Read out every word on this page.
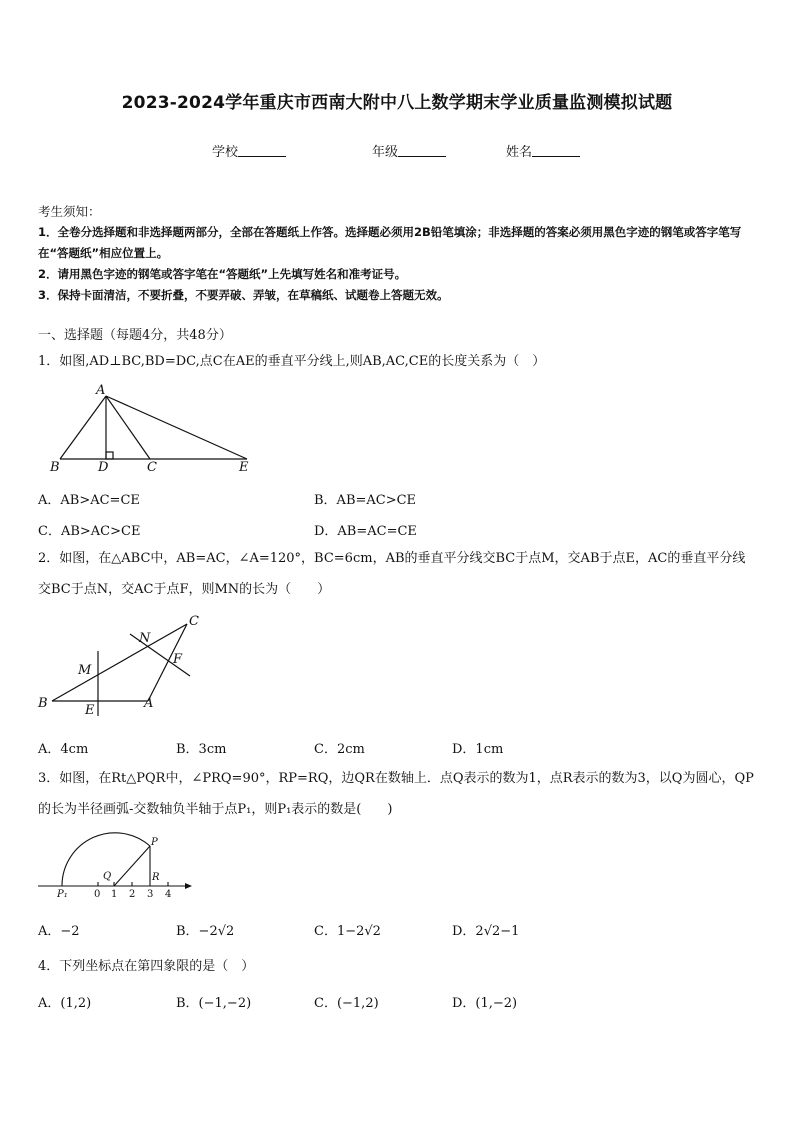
2023-2024学年重庆市西南大附中八上数学期末学业质量监测模拟试题
学校	年级	姓名
考生须知：
1．全卷分选择题和非选择题两部分，全部在答题纸上作答。选择题必须用2B铅笔填涂；非选择题的答案必须用黑色字迹的钢笔或答字笔写在“答题纸”相应位置上。
2．请用黑色字迹的钢笔或答字笔在“答题纸”上先填写姓名和准考证号。
3．保持卡面清洁，不要折叠，不要弄破、弄皱，在草稿纸、试题卷上答题无效。
一、选择题（每题4分，共48分）
1．如图,AD⊥BC,BD=DC,点C在AE的垂直平分线上,则AB,AC,CE的长度关系为（　）
A
B	D	C	E
A．AB>AC=CE	B．AB=AC>CE
C．AB>AC>CE	D．AB=AC=CE
2．如图，在△ABC中，AB=AC，∠A=120°，BC=6cm，AB的垂直平分线交BC于点M，交AB于点E，AC的垂直平分线交BC于点N，交AC于点F，则MN的长为（　　）
C
N
F
M
B	E	A
A．4cm	B．3cm	C．2cm	D．1cm
3．如图，在Rt△PQR中，∠PRQ=90°，RP=RQ，边QR在数轴上．点Q表示的数为1，点R表示的数为3，以Q为圆心，QP的长为半径画弧-交数轴负半轴于点P₁，则P₁表示的数是(　　)
P
Q	R
P₁	0 1 2 3 4
A．−2	B．−2√2	C．1−2√2	D．2√2−1
4．下列坐标点在第四象限的是（　）
A．(1,2)	B．(−1,−2)	C．(−1,2)	D．(1,−2)
